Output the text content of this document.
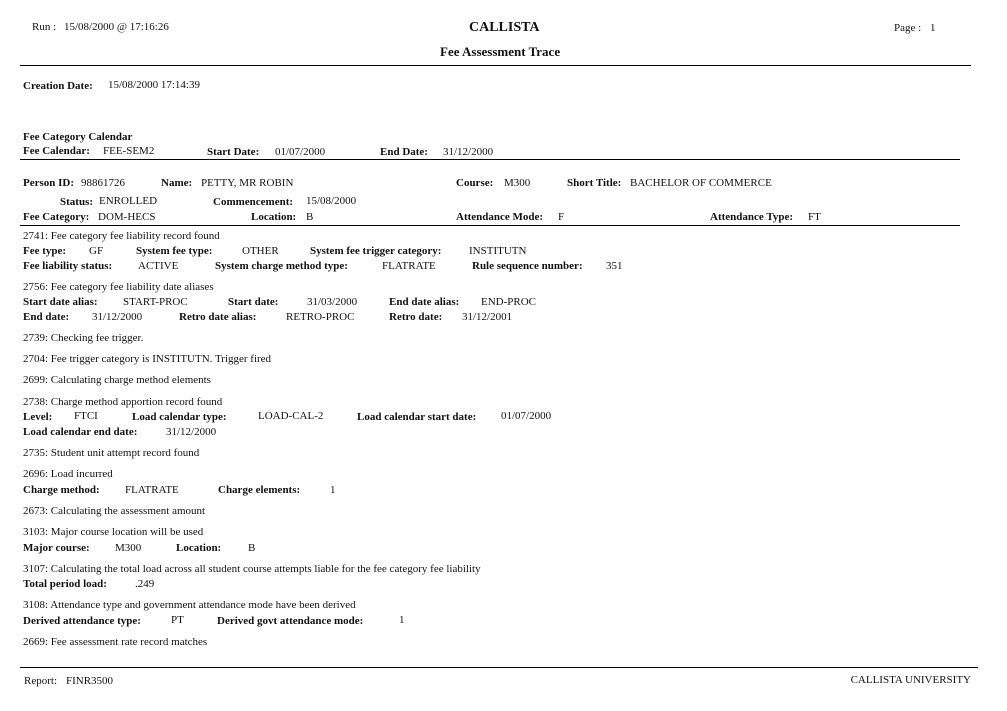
Run : 15/08/2000 @ 17:16:26	CALLISTA
Fee Assessment Trace
Page : 1
Creation Date: 15/08/2000 17:14:39
Fee Category Calendar
Fee Calendar: FEE-SEM2	Start Date: 01/07/2000	End Date: 31/12/2000
Person ID: 98861726	Name: PETTY, MR ROBIN	Course: M300	Short Title: BACHELOR OF COMMERCE
Status: ENROLLED	Commencement: 15/08/2000
Fee Category: DOM-HECS	Location: B	Attendance Mode: F	Attendance Type: FT
2741: Fee category fee liability record found
Fee type: GF	System fee type:	OTHER	System fee trigger category:	INSTITUTN
Fee liability status: ACTIVE	System charge method type:	FLATRATE	Rule sequence number: 351
2756: Fee category fee liability date aliases
Start date alias: START-PROC	Start date:	31/03/2000	End date alias: END-PROC
End date: 31/12/2000	Retro date alias:	RETRO-PROC	Retro date: 31/12/2001
2739: Checking fee trigger.
2704: Fee trigger category is INSTITUTN. Trigger fired
2699: Calculating charge method elements
2738: Charge method apportion record found
Level: FTCI	Load calendar type:	LOAD-CAL-2	Load calendar start date: 01/07/2000
Load calendar end date:	31/12/2000
2735: Student unit attempt record found
2696: Load incurred
Charge method: FLATRATE	Charge elements:	1
2673: Calculating the assessment amount
3103: Major course location will be used
Major course: M300	Location: B
3107: Calculating the total load across all student course attempts liable for the fee category fee liability
Total period load:	.249
3108: Attendance type and government attendance mode have been derived
Derived attendance type:	PT	Derived govt attendance mode:	1
2669: Fee assessment rate record matches
Report: FINR3500	CALLISTA UNIVERSITY
